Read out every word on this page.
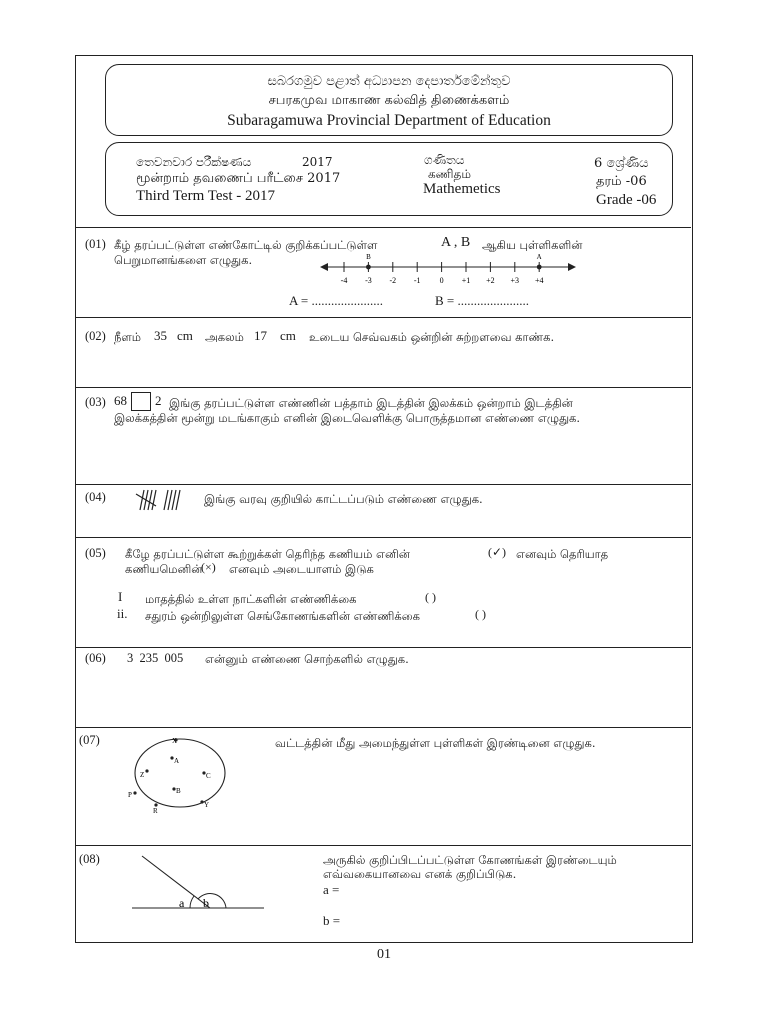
සබරගමුව පළාත් අධ්‍යාපන දෙපාර්තමේන්තුව
சபரகமுவ மாகாண கல்வித் திணைக்களம்
Subaragamuwa Provincial Department of Education
තෙවනවාර පරීක්ෂණය	2017
மூன்றாம் தவணைப் பரீட்சை 2017
Third Term Test - 2017
ගණිතය
கணிதம்
Mathemetics
6 ශ්‍රේණිය
தரம் -06
Grade -06
(01) கீழ் தரப்பட்டுள்ள எண்கோட்டில் குறிக்கப்பட்டுள்ள	A , B ஆகிய புள்ளிகளின்
பெறுமானங்களை எழுதுக.
-4 -3 -2 -1 0 +1 +2 +3 +4
B	A
A = ......................	B = ......................
(02) நீளம் 35 cm அகலம் 17 cm உடைய செவ்வகம் ஒன்றின் சுற்றளவை காண்க.
(03) 68 2 இங்கு தரப்பட்டுள்ள எண்ணின் பத்தாம் இடத்தின் இலக்கம் ஒன்றாம் இடத்தின்
இலக்கத்தின் மூன்று மடங்காகும் எனின் இடைவெளிக்கு பொருத்தமான எண்ணை எழுதுக.
(04)	இங்கு வரவு குறியில் காட்டப்படும் எண்ணை எழுதுக.
(05) கீழே தரப்பட்டுள்ள கூற்றுக்கள் தெரிந்த கணியம் எனின்	(✓) எனவும் தெரியாத
கணியமெனின்
(×) எனவும் அடையாளம் இடுக
I மாதத்தில் உள்ள நாட்களின் எண்ணிக்கை	( )
ii. சதுரம் ஒன்றிலுள்ள செங்கோணங்களின் எண்ணிக்கை	( )
(06) 3  235  005 என்னும் எண்ணை சொற்களில் எழுதுக.
(07)	X
A
Z	C
B
P
R
Y
வட்டத்தின் மீது அமைந்துள்ள புள்ளிகள் இரண்டினை எழுதுக.
(08)
a b
அருகில் குறிப்பிடப்பட்டுள்ள கோணங்கள் இரண்டையும்
எவ்வகையானவை எனக் குறிப்பிடுக.
a =
b =
01
